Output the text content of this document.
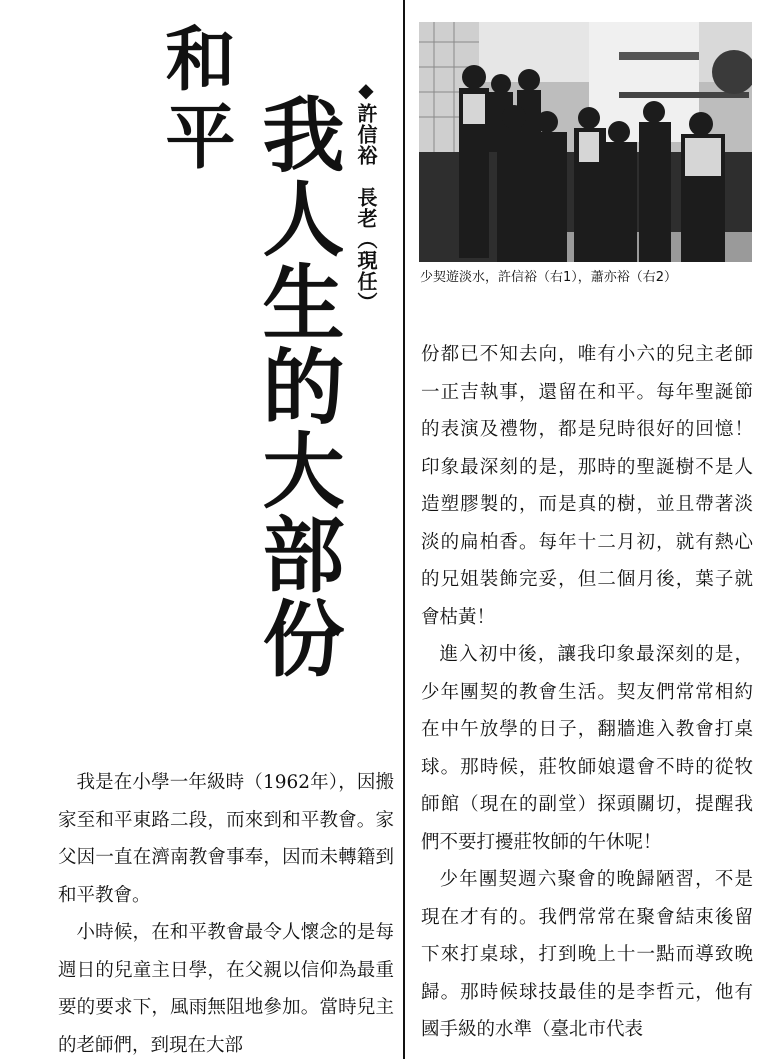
我人生的大部份
和平	◆許信裕　長老（現任）	少契遊淡水，許信裕（右1），蕭亦裕（右2）

我是在小學一年級時（1962年），因搬家至和平東路二段，而來到和平教會。家父因一直在濟南教會事奉，因而未轉籍到和平教會。

小時候，在和平教會最令人懷念的是每週日的兒童主日學，在父親以信仰為最重要的要求下，風雨無阻地參加。當時兒主的老師們，到現在大部

份都已不知去向，唯有小六的兒主老師一正吉執事，還留在和平。每年聖誕節的表演及禮物，都是兒時很好的回憶！印象最深刻的是，那時的聖誕樹不是人造塑膠製的，而是真的樹，並且帶著淡淡的扁柏香。每年十二月初，就有熱心的兄姐裝飾完妥，但二個月後，葉子就會枯黃！

進入初中後，讓我印象最深刻的是，少年團契的教會生活。契友們常常相約在中午放學的日子，翻牆進入教會打桌球。那時候，莊牧師娘還會不時的從牧師館（現在的副堂）探頭關切，提醒我們不要打擾莊牧師的午休呢！

少年團契週六聚會的晚歸陋習，不是現在才有的。我們常常在聚會結束後留下來打桌球，打到晚上十一點而導致晚歸。那時候球技最佳的是李哲元，他有國手級的水準（臺北市代表
